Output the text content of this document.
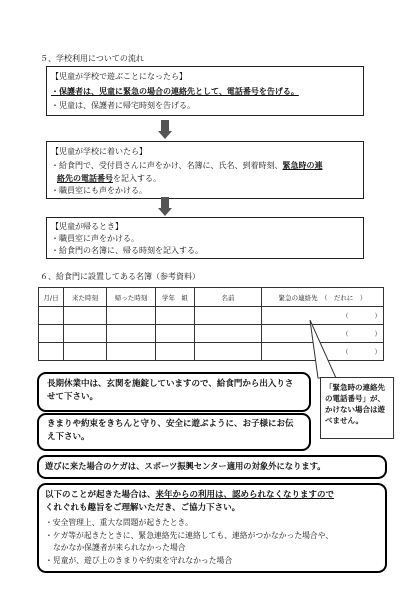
５、学校利用についての流れ
【児童が学校で遊ぶことになったら】
・保護者は、児童に緊急の場合の連絡先として、電話番号を告げる。
・児童は、保護者に帰宅時刻を告げる。
【児童が学校に着いたら】
・給食門で、受付員さんに声をかけ、名簿に、氏名、到着時刻、緊急時の連
絡先の電話番号を記入する。
・職員室にも声をかける。
【児童が帰るとき】
・職員室に声をかける。
・給食門の名簿に、帰る時刻を記入する。
６、給食門に設置してある名簿（参考資料）
月/日	来た時刻	帰った時刻	学年　組	名前	緊急の連絡先　（　だれに　）
					（　　　　）
					（　　　　）
					（　　　　）
「緊急時の連絡先の電話番号」が、かけない場合は遊べません。
長期休業中は、玄関を施錠していますので、給食門から出入りさせて下さい。
きまりや約束をきちんと守り、安全に遊ぶように、お子様にお伝え下さい。
遊びに来た場合のケガは、スポーツ振興センター適用の対象外になります。
以下のことが起きた場合は、来年からの利用は、認められなくなりますので
くれぐれも趣旨をご理解いただき、ご協力下さい。
・安全管理上、重大な問題が起きたとき。
・ケガ等が起きたときに、緊急連絡先に連絡しても、連絡がつかなかった場合や、
なかなか保護者が来られなかった場合
・児童が、遊び上のきまりや約束を守れなかった場合
